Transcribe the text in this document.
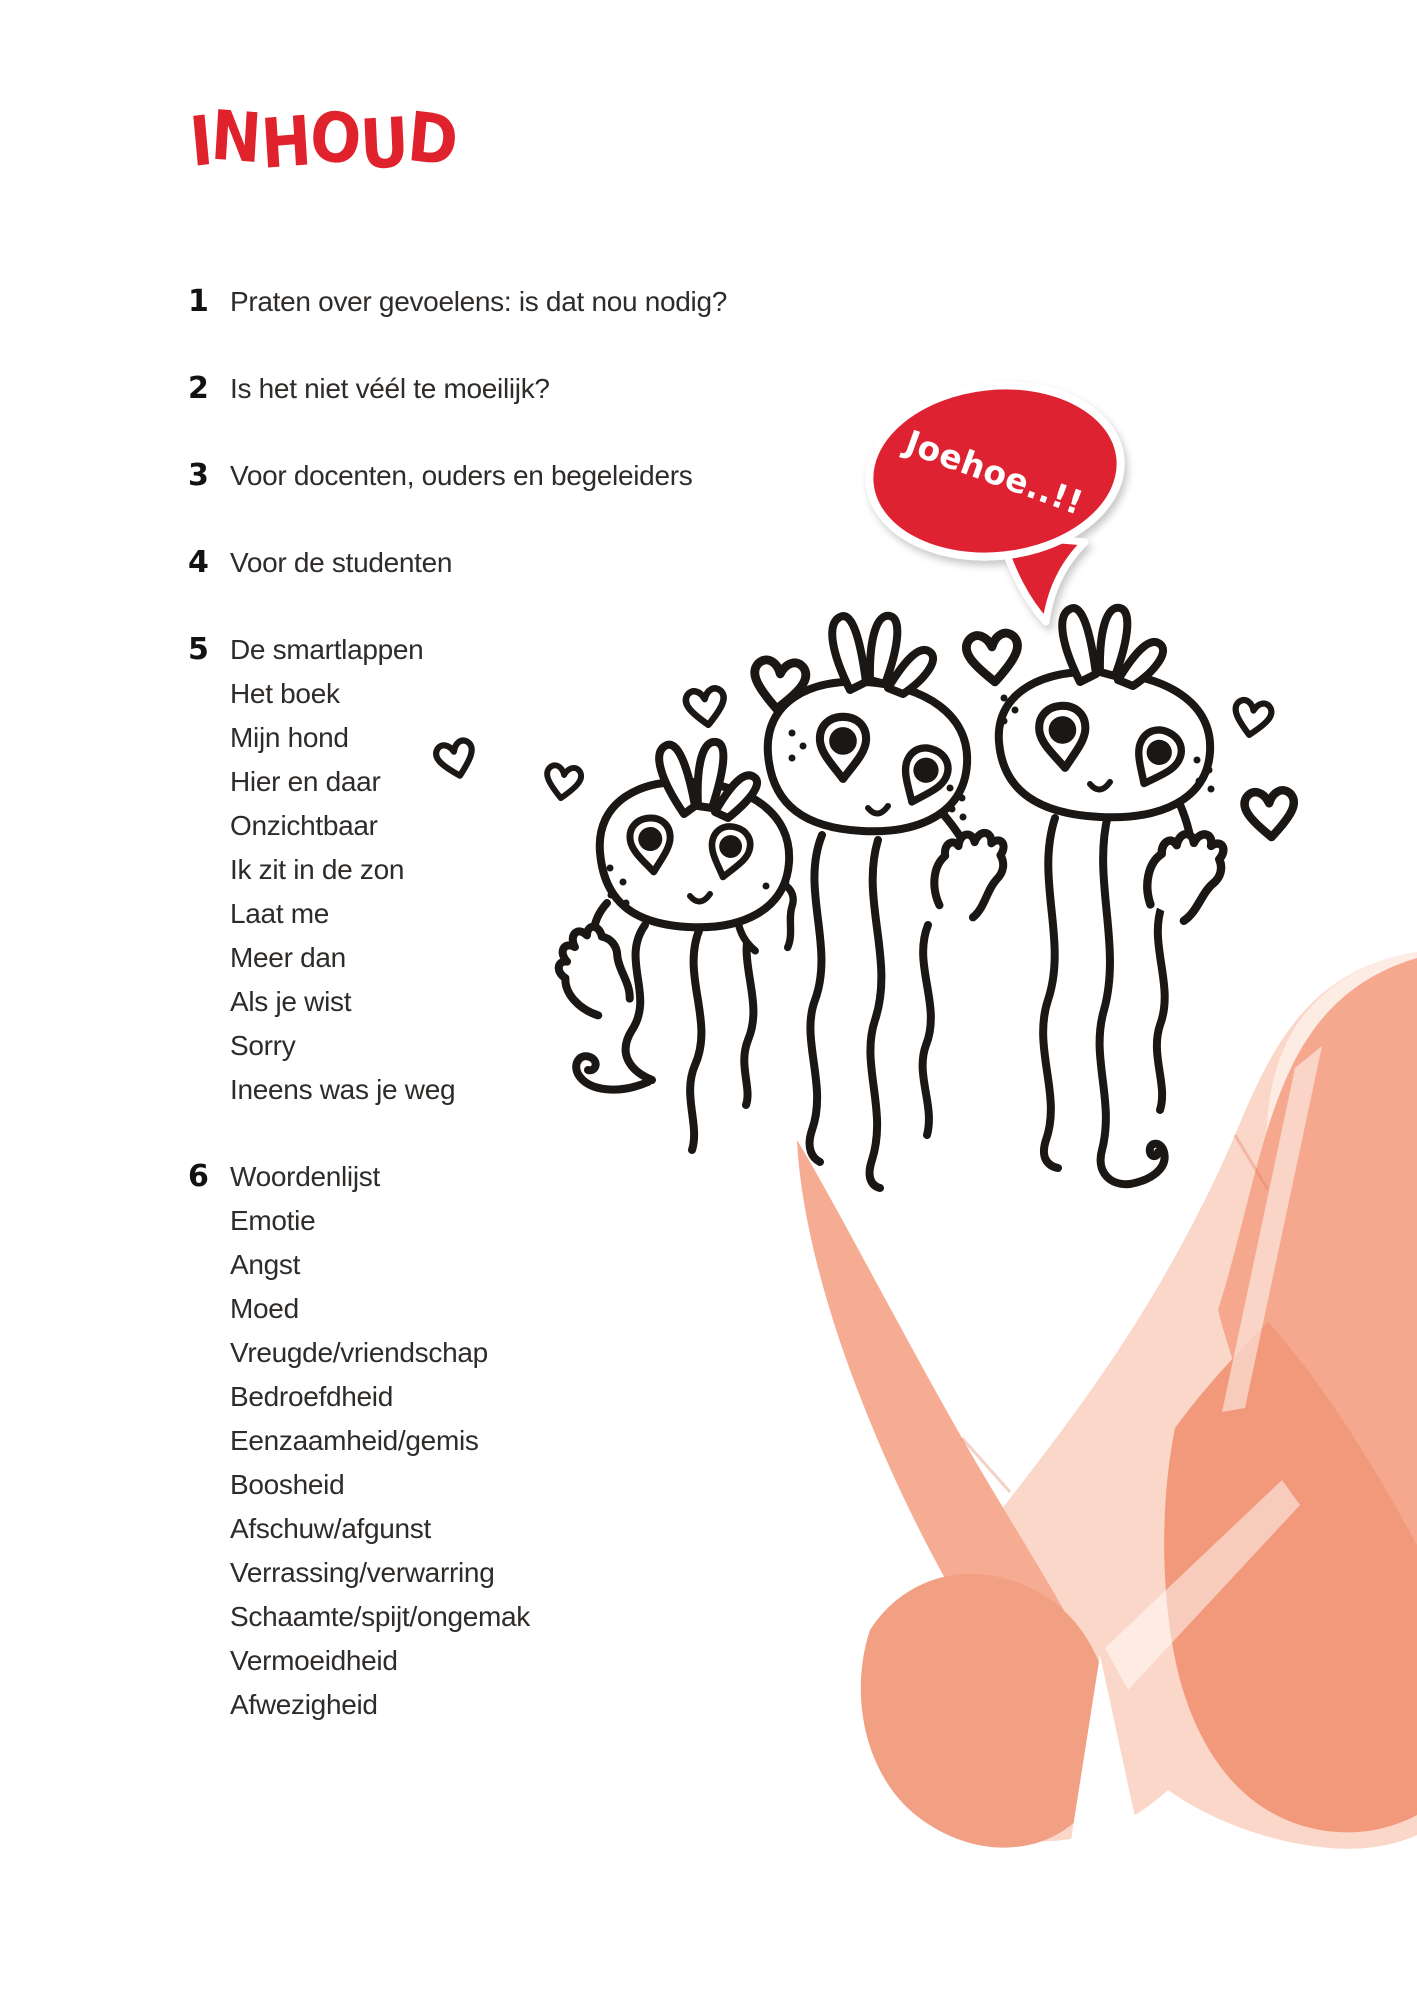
Joehoe..!!
INHOUD
1 Praten over gevoelens: is dat nou nodig?
2 Is het niet véél te moeilijk?
3 Voor docenten, ouders en begeleiders
4 Voor de studenten
5 De smartlappen
Het boek
Mijn hond
Hier en daar
Onzichtbaar
Ik zit in de zon
Laat me
Meer dan
Als je wist
Sorry
Ineens was je weg
6 Woordenlijst
Emotie
Angst
Moed
Vreugde/vriendschap
Bedroefdheid
Eenzaamheid/gemis
Boosheid
Afschuw/afgunst
Verrassing/verwarring
Schaamte/spijt/ongemak
Vermoeidheid
Afwezigheid
